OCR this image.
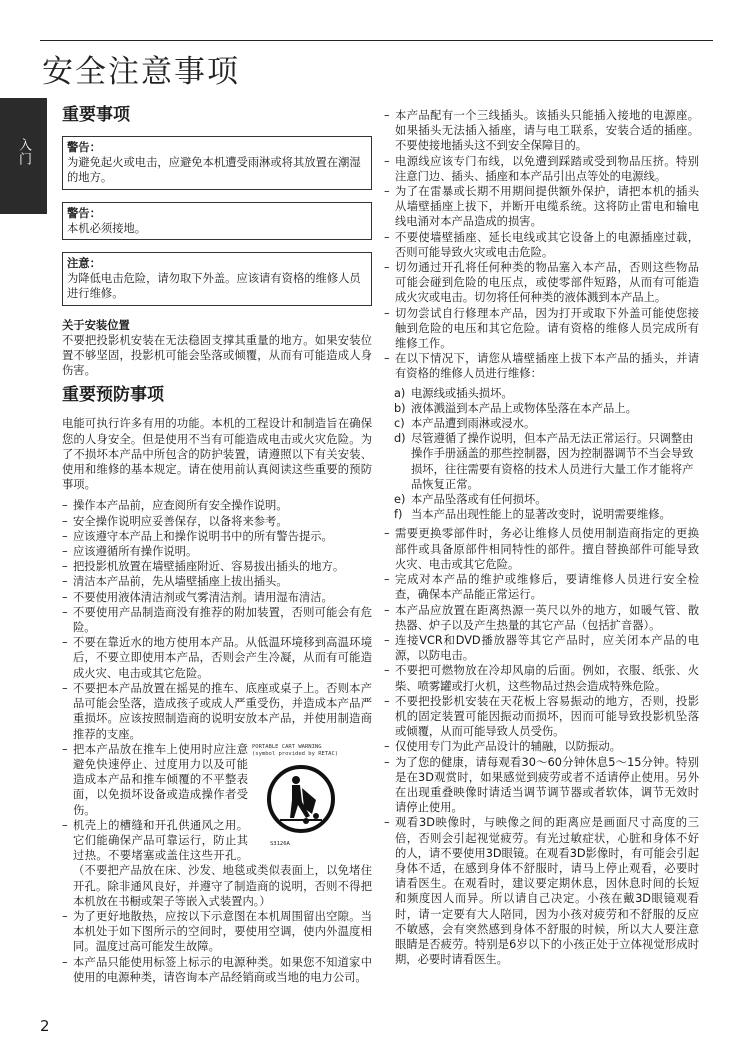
安全注意事项
入门
重要事项
警告：
为避免起火或电击，应避免本机遭受雨淋或将其放置在潮湿的地方。
警告：
本机必须接地。
注意：
为降低电击危险，请勿取下外盖。应该请有资格的维修人员进行维修。
关于安装位置
不要把投影机安装在无法稳固支撑其重量的地方。如果安装位置不够坚固，投影机可能会坠落或倾覆，从而有可能造成人身伤害。
重要预防事项
电能可执行许多有用的功能。本机的工程设计和制造旨在确保您的人身安全。但是使用不当有可能造成电击或火灾危险。为了不损坏本产品中所包含的防护装置，请遵照以下有关安装、使用和维修的基本规定。请在使用前认真阅读这些重要的预防事项。
– 操作本产品前，应查阅所有安全操作说明。
– 安全操作说明应妥善保存，以备将来参考。
– 应该遵守本产品上和操作说明书中的所有警告提示。
– 应该遵循所有操作说明。
– 把投影机放置在墙壁插座附近、容易拔出插头的地方。
– 清洁本产品前，先从墙壁插座上拔出插头。
– 不要使用液体清洁剂或气雾清洁剂。请用湿布清洁。
– 不要使用产品制造商没有推荐的附加装置，否则可能会有危险。
– 不要在靠近水的地方使用本产品。从低温环境移到高温环境后，不要立即使用本产品，否则会产生冷凝，从而有可能造成火灾、电击或其它危险。
– 不要把本产品放置在摇晃的推车、底座或桌子上。否则本产品可能会坠落，造成孩子或成人严重受伤，并造成本产品严重损坏。应该按照制造商的说明安放本产品，并使用制造商推荐的支座。
– PORTABLE CART WARNING
(symbol provided by RETAC)
S3126A
把本产品放在推车上使用时应注意避免快速停止、过度用力以及可能造成本产品和推车倾覆的不平整表面，以免损坏设备或造成操作者受伤。
– 机壳上的槽缝和开孔供通风之用。它们能确保产品可靠运行，防止其过热。不要堵塞或盖住这些开孔。（不要把产品放在床、沙发、地毯或类似表面上，以免堵住开孔。除非通风良好，并遵守了制造商的说明，否则不得把本机放在书橱或架子等嵌入式装置内。）
– 为了更好地散热，应按以下示意图在本机周围留出空隙。当本机处于如下图所示的空间时，要使用空调，使内外温度相同。温度过高可能发生故障。
– 本产品只能使用标签上标示的电源种类。如果您不知道家中使用的电源种类，请咨询本产品经销商或当地的电力公司。
– 本产品配有一个三线插头。该插头只能插入接地的电源座。如果插头无法插入插座，请与电工联系，安装合适的插座。不要使接地插头这不到安全保障目的。
– 电源线应该专门布线，以免遭到踩踏或受到物品压挤。特别注意门边、插头、插座和本产品引出点等处的电源线。
– 为了在雷暴或长期不用期间提供额外保护，请把本机的插头从墙壁插座上拔下，并断开电缆系统。这将防止雷电和输电线电涌对本产品造成的损害。
– 不要使墙壁插座、延长电线或其它设备上的电源插座过载，否则可能导致火灾或电击危险。
– 切勿通过开孔将任何种类的物品塞入本产品，否则这些物品可能会碰到危险的电压点，或使零部件短路，从而有可能造成火灾或电击。切勿将任何种类的液体溅到本产品上。
– 切勿尝试自行修理本产品，因为打开或取下外盖可能使您接触到危险的电压和其它危险。请有资格的维修人员完成所有维修工作。
– 在以下情况下，请您从墙壁插座上拔下本产品的插头，并请有资格的维修人员进行维修：
a) 电源线或插头损坏。
b) 液体溅溢到本产品上或物体坠落在本产品上。
c) 本产品遭到雨淋或浸水。
d) 尽管遵循了操作说明，但本产品无法正常运行。只调整由操作手册涵盖的那些控制器，因为控制器调节不当会导致损坏，往往需要有资格的技术人员进行大量工作才能将产品恢复正常。
e) 本产品坠落或有任何损坏。
f) 当本产品出现性能上的显著改变时，说明需要维修。
– 需要更换零部件时，务必让维修人员使用制造商指定的更换部件或具备原部件相同特性的部件。擅自替换部件可能导致火灾、电击或其它危险。
– 完成对本产品的维护或维修后，要请维修人员进行安全检查，确保本产品能正常运行。
– 本产品应放置在距离热源一英尺以外的地方，如暖气管、散热器、炉子以及产生热量的其它产品（包括扩音器）。
– 连接VCR和DVD播放器等其它产品时，应关闭本产品的电源，以防电击。
– 不要把可燃物放在冷却风扇的后面。例如，衣服、纸张、火柴、喷雾罐或打火机，这些物品过热会造成特殊危险。
– 不要把投影机安装在天花板上容易振动的地方，否则，投影机的固定装置可能因振动而损坏，因而可能导致投影机坠落或倾覆，从而可能导致人员受伤。
– 仅使用专门为此产品设计的辅融，以防振动。
– 为了您的健康，请每观看30～60分钟休息5～15分钟。特别是在3D观赏时，如果感觉到疲劳或者不适请停止使用。另外在出现重叠映像时请适当调节调节器或者软体，调节无效时请停止使用。
– 观看3D映像时，与映像之间的距离应是画面尺寸高度的三倍，否则会引起视觉疲劳。有光过敏症状，心脏和身体不好的人，请不要使用3D眼镜。在观看3D影像时，有可能会引起身体不适，在感到身体不舒服时，请马上停止观看，必要时请看医生。在观看时，建议要定期休息，因休息时间的长短和频度因人而异。所以请自己决定。小孩在戴3D眼镜观看时，请一定要有大人陪同，因为小孩对疲劳和不舒服的反应不敏感，会有突然感到身体不舒服的时候，所以大人要注意眼睛是否疲劳。特别是6岁以下的小孩正处于立体视觉形成时期，必要时请看医生。
2
